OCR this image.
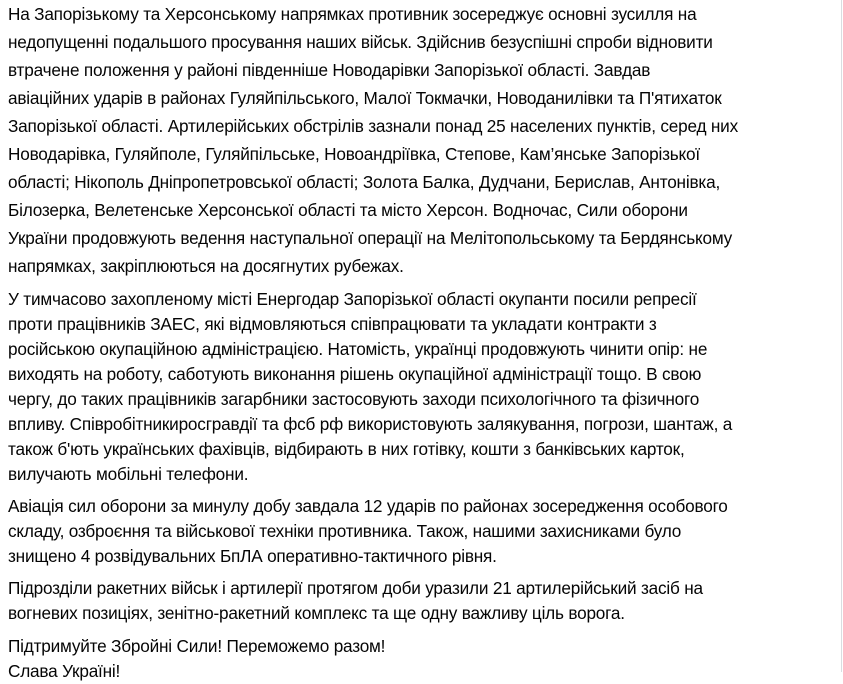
На Запорізькому та Херсонському напрямках противник зосереджує основні зусилля на
недопущенні подальшого просування наших військ. Здійснив безуспішні спроби відновити
втрачене положення у районі південніше Новодарівки Запорізької області. Завдав
авіаційних ударів в районах Гуляйпільського, Малої Токмачки, Новоданилівки та П'ятихаток
Запорізької області. Артилерійських обстрілів зазнали понад 25 населених пунктів, серед них
Новодарівка, Гуляйполе, Гуляйпільське, Новоандріївка, Степове, Кам’янське Запорізької
області; Нікополь Дніпропетровської області; Золота Балка, Дудчани, Берислав, Антонівка,
Білозерка, Велетенське Херсонської області та місто Херсон. Водночас, Сили оборони
України продовжують ведення наступальної операції на Мелітопольському та Бердянському
напрямках, закріплюються на досягнутих рубежах.
У тимчасово захопленому місті Енергодар Запорізької області окупанти посили репресії
проти працівників ЗАЕС, які відмовляються співпрацювати та укладати контракти з
російською окупаційною адміністрацією. Натомість, українці продовжують чинити опір: не
виходять на роботу, саботують виконання рішень окупаційної адміністрації тощо. В свою
чергу, до таких працівників загарбники застосовують заходи психологічного та фізичного
впливу. Співробітникиросгравдії та фсб рф використовують залякування, погрози, шантаж, а
також б'ють українських фахівців, відбирають в них готівку, кошти з банківських карток,
вилучають мобільні телефони.
Авіація сил оборони за минулу добу завдала 12 ударів по районах зосередження особового
складу, озброєння та військової техніки противника. Також, нашими захисниками було
знищено 4 розвідувальних БпЛА оперативно-тактичного рівня.
Підрозділи ракетних військ і артилерії протягом доби уразили 21 артилерійський засіб на
вогневих позиціях, зенітно-ракетний комплекс та ще одну важливу ціль ворога.
Підтримуйте Збройні Сили! Переможемо разом!
Слава Україні!
